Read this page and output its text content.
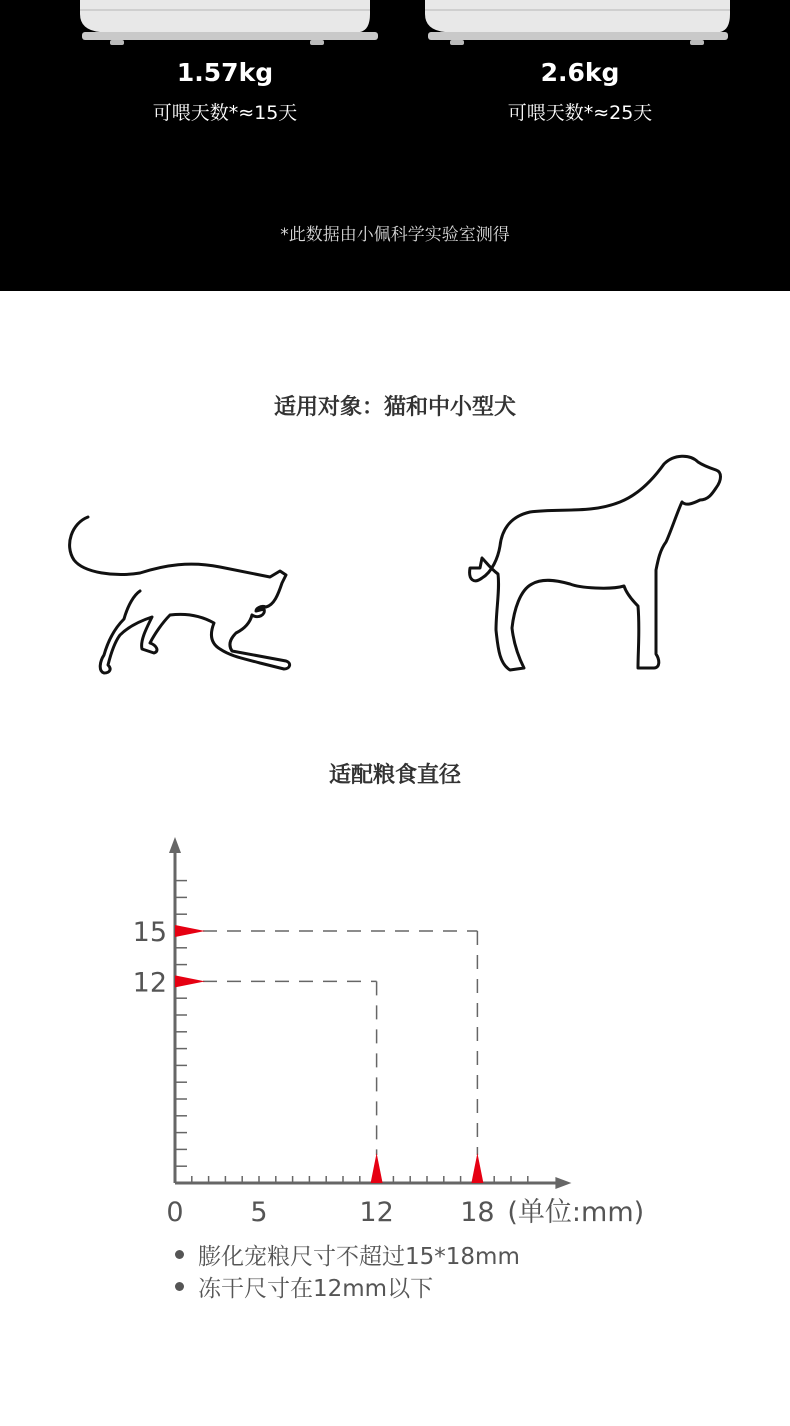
1.57kg
可喂天数*≈15天
2.6kg
可喂天数*≈25天
*此数据由小佩科学实验室测得
适用对象：猫和中小型犬
适配粮食直径
0 5	12 18 (单位:mm)
12
15
膨化宠粮尺寸不超过15*18mm
冻干尺寸在12mm以下
